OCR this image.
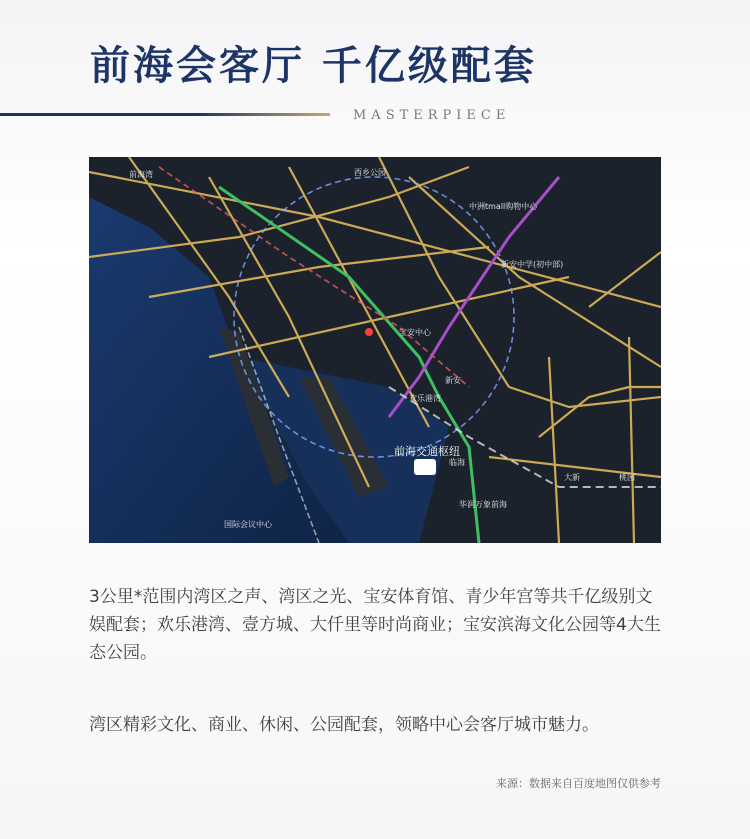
前海会客厅 千亿级配套
MASTERPIECE
中洲tmall购物中心
欢乐港湾
宝安中心
新安中学(初中部)
华润万象前海
国际会议中心
西乡公园
前海湾
临海
大新	桃园
新安
前海交通枢纽
3公里*范围内湾区之声、湾区之光、宝安体育馆、青少年宫等共千亿级别文娱配套；欢乐港湾、壹方城、大仟里等时尚商业；宝安滨海文化公园等4大生态公园。
湾区精彩文化、商业、休闲、公园配套，领略中心会客厅城市魅力。
来源：数据来自百度地图仅供参考
